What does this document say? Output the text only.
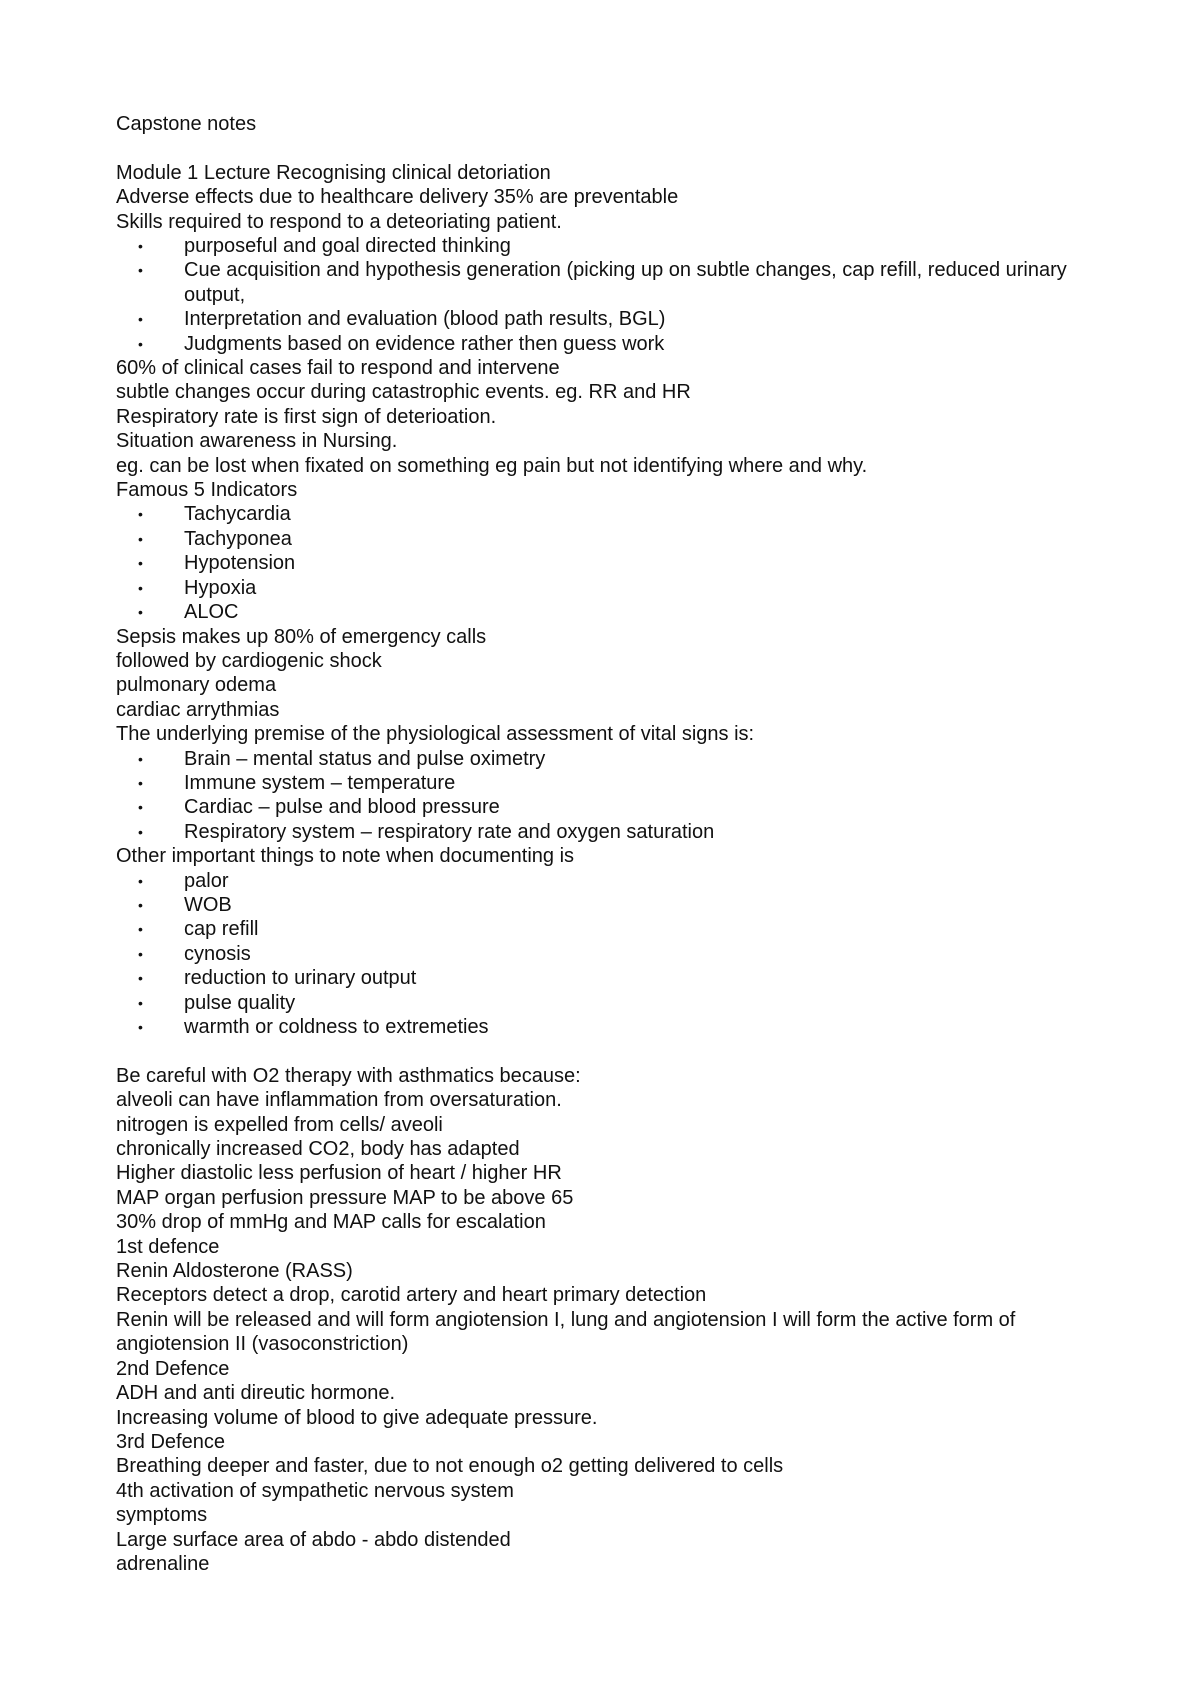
Capstone notes

Module 1 Lecture Recognising clinical detoriation

Adverse effects due to healthcare delivery 35% are preventable

Skills required to respond to a deteoriating patient.

• purposeful and goal directed thinking
• Cue acquisition and hypothesis generation (picking up on subtle changes, cap refill, reduced urinary output,
• Interpretation and evaluation (blood path results, BGL)
• Judgments based on evidence rather then guess work

60% of clinical cases fail to respond and intervene

subtle changes occur during catastrophic events. eg. RR and HR

Respiratory rate is first sign of deterioation.

Situation awareness in Nursing.

eg. can be lost when fixated on something eg pain but not identifying where and why.

Famous 5 Indicators

• Tachycardia
• Tachyponea
• Hypotension
• Hypoxia
• ALOC

Sepsis makes up 80% of emergency calls

followed by cardiogenic shock

pulmonary odema

cardiac arrythmias

The underlying premise of the physiological assessment of vital signs is:

• Brain – mental status and pulse oximetry
• Immune system – temperature
• Cardiac – pulse and blood pressure
• Respiratory system – respiratory rate and oxygen saturation

Other important things to note when documenting is

• palor
• WOB
• cap refill
• cynosis
• reduction to urinary output
• pulse quality
• warmth or coldness to extremeties

Be careful with O2 therapy with asthmatics because:

alveoli can have inflammation from oversaturation.

nitrogen is expelled from cells/ aveoli

chronically increased CO2, body has adapted

Higher diastolic less perfusion of heart / higher HR

MAP organ perfusion pressure MAP to be above 65

30% drop of mmHg and MAP calls for escalation

1st defence

Renin Aldosterone (RASS)

Receptors detect a drop, carotid artery and heart primary detection

Renin will be released and will form angiotension I, lung and angiotension I will form the active form of angiotension II (vasoconstriction)

2nd Defence

ADH and anti direutic hormone.

Increasing volume of blood to give adequate pressure.

3rd Defence

Breathing deeper and faster, due to not enough o2 getting delivered to cells

4th activation of sympathetic nervous system

symptoms

Large surface area of abdo - abdo distended

adrenaline
